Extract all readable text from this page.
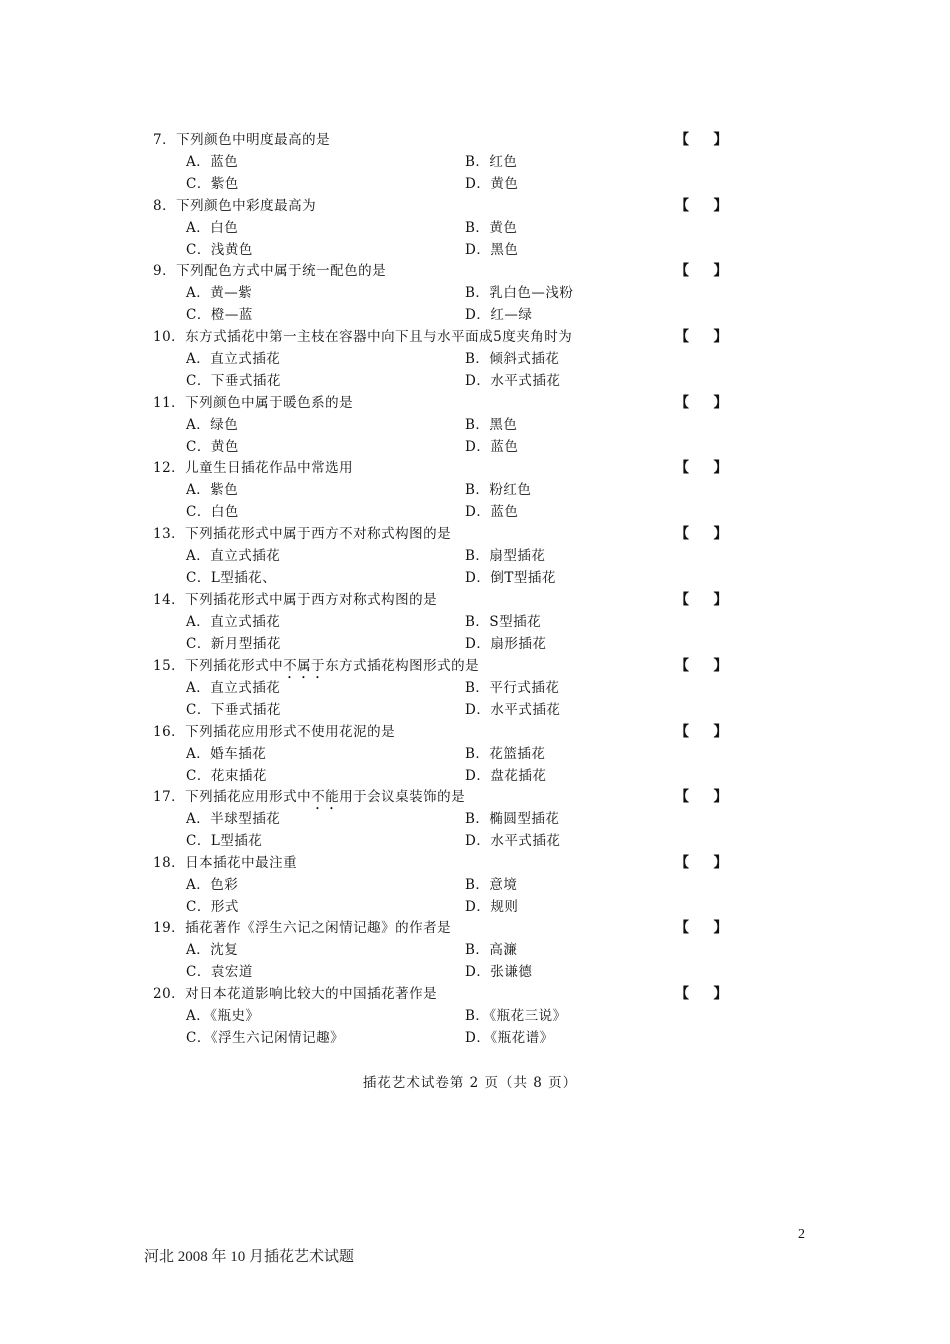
7．下列颜色中明度最高的是	【    】
A．蓝色	B．红色
C．紫色	D．黄色
8．下列颜色中彩度最高为	【    】
A．白色	B．黄色
C．浅黄色	D．黑色
9．下列配色方式中属于统一配色的是	【    】
A．黄—紫	B．乳白色—浅粉
C．橙—蓝	D．红—绿
10．东方式插花中第一主枝在容器中向下且与水平面成5度夹角时为	【    】
A．直立式插花	B．倾斜式插花
C．下垂式插花	D．水平式插花
11．下列颜色中属于暖色系的是	【    】
A．绿色	B．黑色
C．黄色	D．蓝色
12．儿童生日插花作品中常选用	【    】
A．紫色	B．粉红色
C．白色	D．蓝色
13．下列插花形式中属于西方不对称式构图的是	【    】
A．直立式插花	B．扇型插花
C．L型插花、	D．倒T型插花
14．下列插花形式中属于西方对称式构图的是	【    】
A．直立式插花	B．S型插花
C．新月型插花	D．扇形插花
15．下列插花形式中不属于东方式插花构图形式的是	【    】
A．直立式插花	B．平行式插花
C．下垂式插花	D．水平式插花
16．下列插花应用形式不使用花泥的是	【    】
A．婚车插花	B．花篮插花
C．花束插花	D．盘花插花
17．下列插花应用形式中不能用于会议桌装饰的是	【    】
A．半球型插花	B．椭圆型插花
C．L型插花	D．水平式插花
18．日本插花中最注重	【    】
A．色彩	B．意境
C．形式	D．规则
19．插花著作《浮生六记之闲情记趣》的作者是	【    】
A．沈复	B．高濂
C．袁宏道	D．张谦德
20．对日本花道影响比较大的中国插花著作是	【    】
A．《瓶史》	B．《瓶花三说》
C．《浮生六记闲情记趣》	D．《瓶花谱》
插花艺术试卷第 2 页（共 8 页）
2
河北 2008 年 10 月插花艺术试题
